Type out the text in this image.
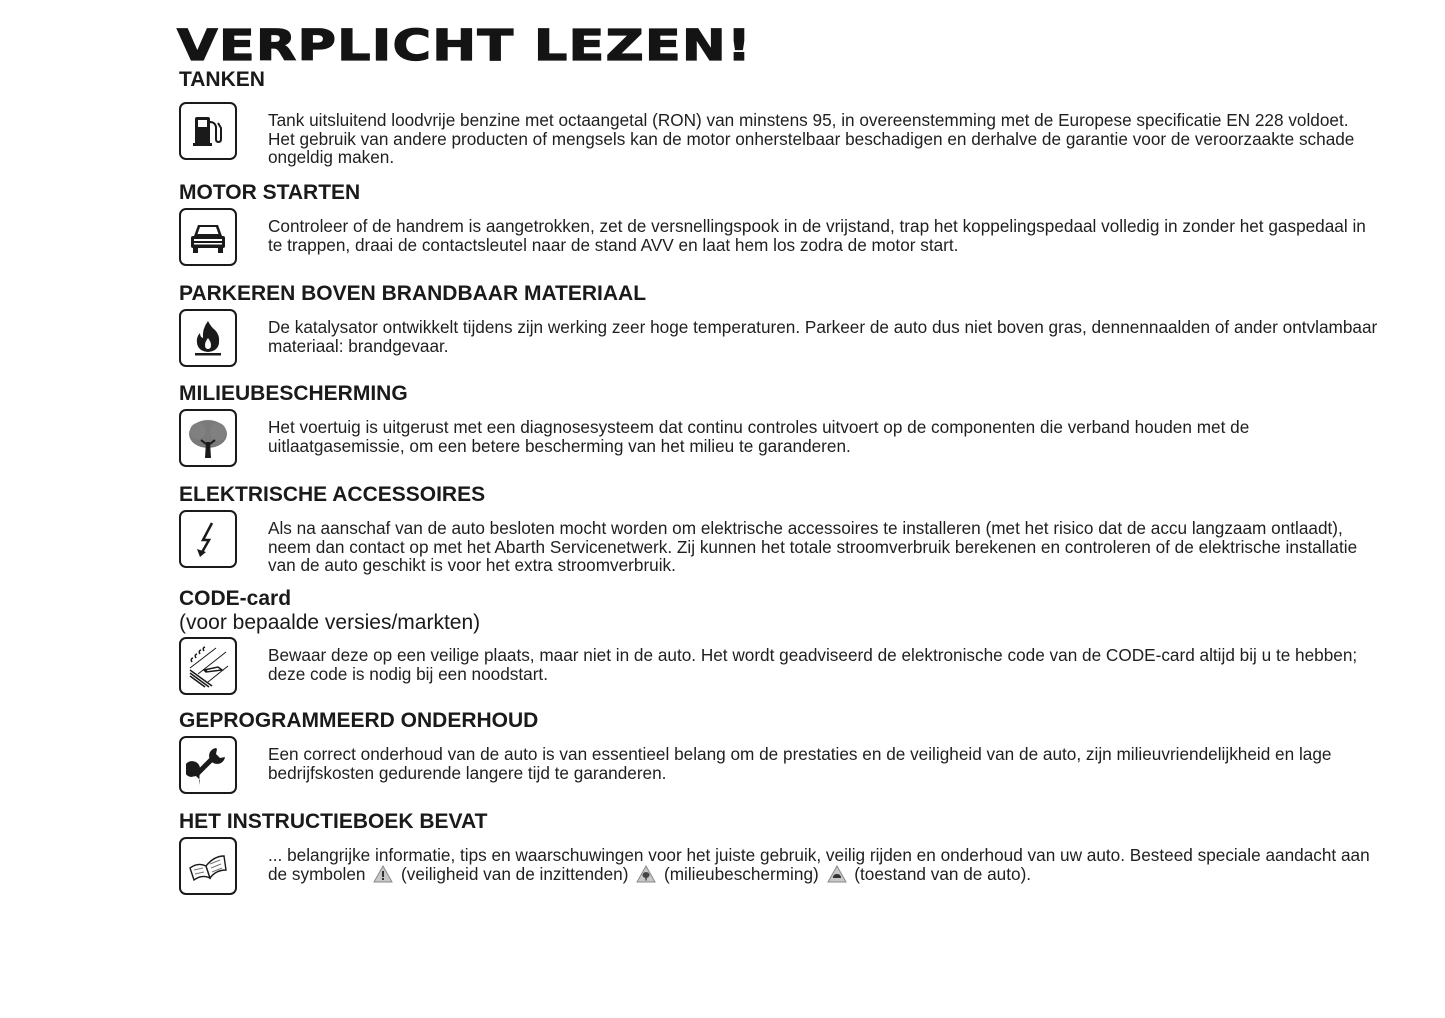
VERPLICHT LEZEN!
TANKEN

Tank uitsluitend loodvrije benzine met octaangetal (RON) van minstens 95, in overeenstemming met de Europese specificatie EN 228 voldoet. Het gebruik van andere producten of mengsels kan de motor onherstelbaar beschadigen en derhalve de garantie voor de veroorzaakte schade ongeldig maken.

MOTOR STARTEN

Controleer of de handrem is aangetrokken, zet de versnellingspook in de vrijstand, trap het koppelingspedaal volledig in zonder het gaspedaal in te trappen, draai de contactsleutel naar de stand AVV en laat hem los zodra de motor start.

PARKEREN BOVEN BRANDBAAR MATERIAAL

De katalysator ontwikkelt tijdens zijn werking zeer hoge temperaturen. Parkeer de auto dus niet boven gras, dennennaalden of ander ontvlambaar materiaal: brandgevaar.

MILIEUBESCHERMING

Het voertuig is uitgerust met een diagnosesysteem dat continu controles uitvoert op de componenten die verband houden met de uitlaatgasemissie, om een betere bescherming van het milieu te garanderen.

ELEKTRISCHE ACCESSOIRES

Als na aanschaf van de auto besloten mocht worden om elektrische accessoires te installeren (met het risico dat de accu langzaam ontlaadt), neem dan contact op met het Abarth Servicenetwerk. Zij kunnen het totale stroomverbruik berekenen en controleren of de elektrische installatie van de auto geschikt is voor het extra stroomverbruik.

CODE-card

(voor bepaalde versies/markten)

Bewaar deze op een veilige plaats, maar niet in de auto. Het wordt geadviseerd de elektronische code van de CODE-card altijd bij u te hebben; deze code is nodig bij een noodstart.

GEPROGRAMMEERD ONDERHOUD

Een correct onderhoud van de auto is van essentieel belang om de prestaties en de veiligheid van de auto, zijn milieuvriendelijkheid en lage bedrijfskosten gedurende langere tijd te garanderen.

HET INSTRUCTIEBOEK BEVAT

... belangrijke informatie, tips en waarschuwingen voor het juiste gebruik, veilig rijden en onderhoud van uw auto. Besteed speciale aandacht aan de symbolen (veiligheid van de inzittenden) (milieubescherming) (toestand van de auto).
